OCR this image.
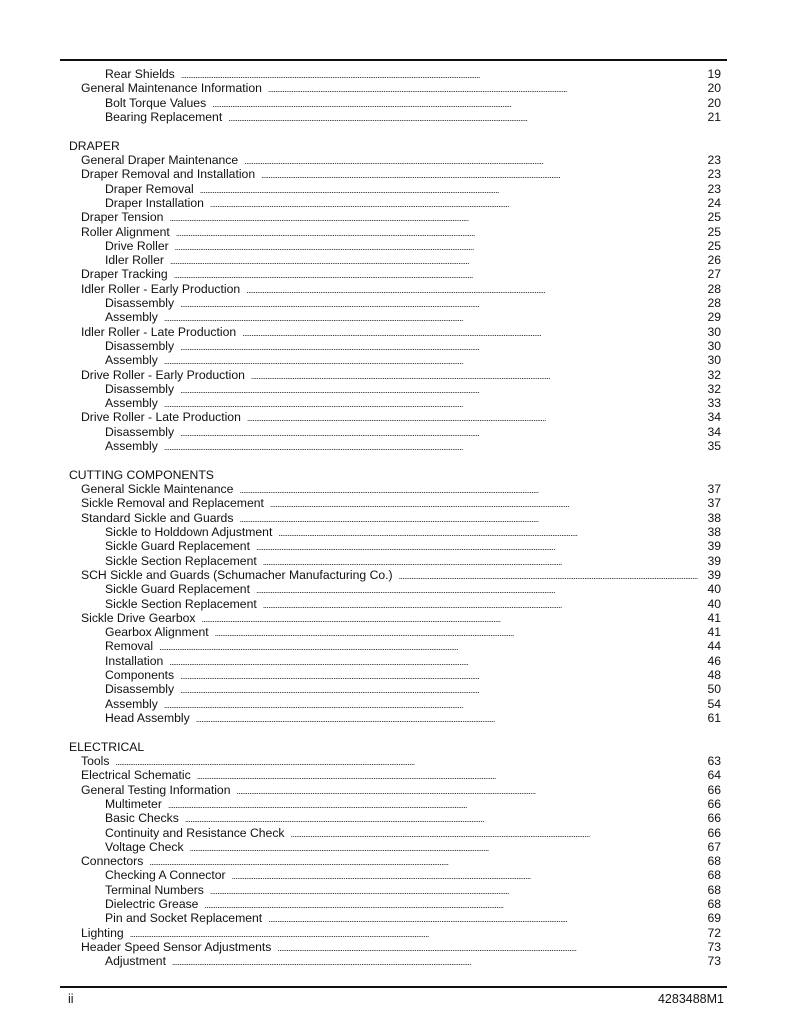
Rear Shields . . .	19
General Maintenance Information . . .	20
Bolt Torque Values . . .	20
Bearing Replacement . . .	21
DRAPER
General Draper Maintenance . . .	23
Draper Removal and Installation . . .	23
Draper Removal . . .	23
Draper Installation . . .	24
Draper Tension . . .	25
Roller Alignment . . .	25
Drive Roller . . .	25
Idler Roller . . .	26
Draper Tracking . . .	27
Idler Roller - Early Production . . .	28
Disassembly . . .	28
Assembly . . .	29
Idler Roller - Late Production . . .	30
Disassembly . . .	30
Assembly . . .	30
Drive Roller - Early Production . . .	32
Disassembly . . .	32
Assembly . . .	33
Drive Roller - Late Production . . .	34
Disassembly . . .	34
Assembly . . .	35
CUTTING COMPONENTS
General Sickle Maintenance . . .	37
Sickle Removal and Replacement . . .	37
Standard Sickle and Guards . . .	38
Sickle to Holddown Adjustment . . .	38
Sickle Guard Replacement . . .	39
Sickle Section Replacement . . .	39
SCH Sickle and Guards (Schumacher Manufacturing Co.) . . .	39
Sickle Guard Replacement . . .	40
Sickle Section Replacement . . .	40
Sickle Drive Gearbox . . .	41
Gearbox Alignment . . .	41
Removal . . .	44
Installation . . .	46
Components . . .	48
Disassembly . . .	50
Assembly . . .	54
Head Assembly . . .	61
ELECTRICAL
Tools . . .	63
Electrical Schematic . . .	64
General Testing Information . . .	66
Multimeter . . .	66
Basic Checks . . .	66
Continuity and Resistance Check . . .	66
Voltage Check . . .	67
Connectors . . .	68
Checking A Connector . . .	68
Terminal Numbers . . .	68
Dielectric Grease . . .	68
Pin and Socket Replacement . . .	69
Lighting . . .	72
Header Speed Sensor Adjustments . . .	73
Adjustment . . .	73
ii	4283488M1
